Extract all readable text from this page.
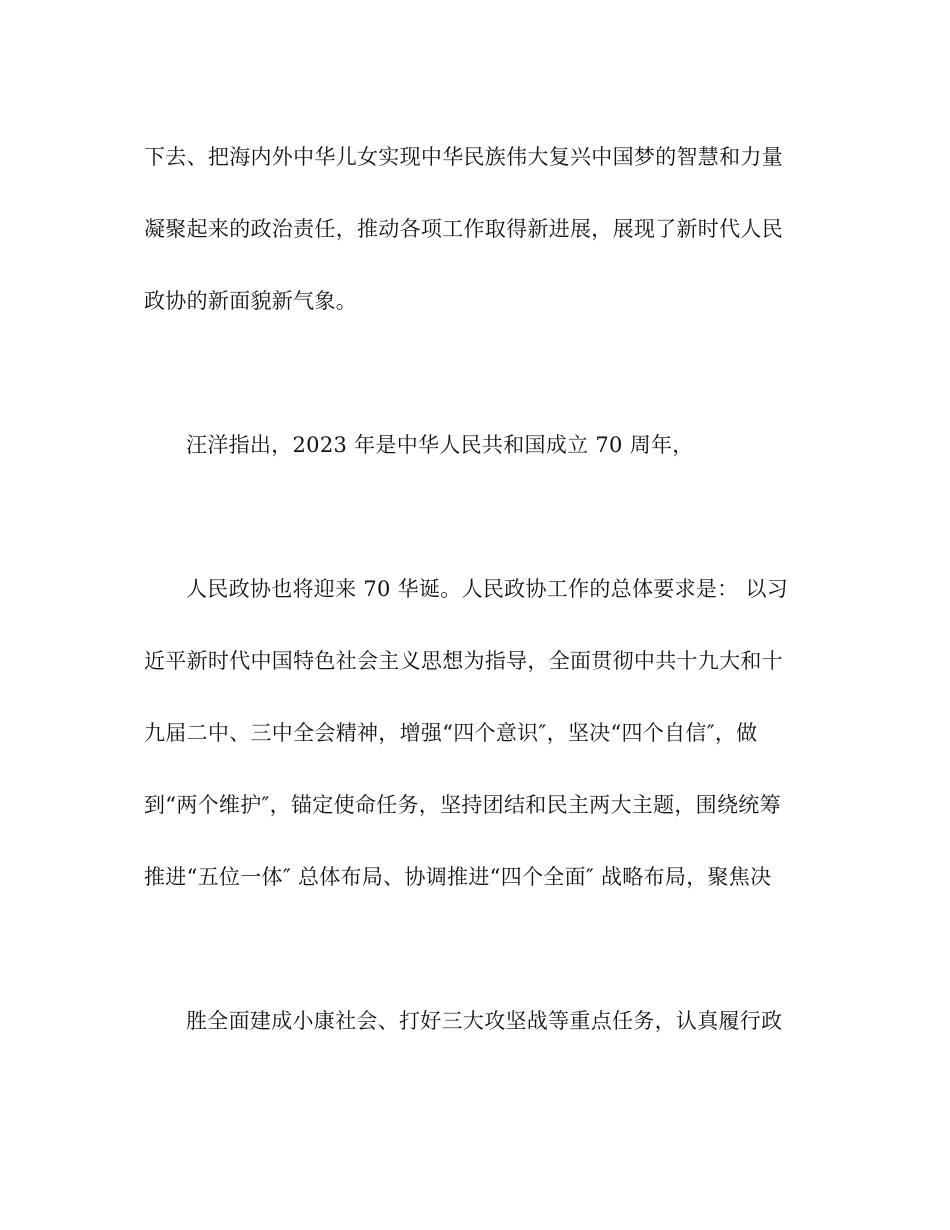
下去、把海内外中华儿女实现中华民族伟大复兴中国梦的智慧和力量
凝聚起来的政治责任，推动各项工作取得新进展，展现了新时代人民
政协的新面貌新气象。
汪洋指出，2023 年是中华人民共和国成立 70 周年，
人民政协也将迎来 70 华诞。人民政协工作的总体要求是： 以习
近平新时代中国特色社会主义思想为指导，全面贯彻中共十九大和十
九届二中、三中全会精神，增强“四个意识″，坚决“四个自信″，做
到“两个维护″，锚定使命任务，坚持团结和民主两大主题，围绕统筹
推进“五位一体″ 总体布局、协调推进“四个全面″ 战略布局，聚焦决
胜全面建成小康社会、打好三大攻坚战等重点任务，认真履行政
